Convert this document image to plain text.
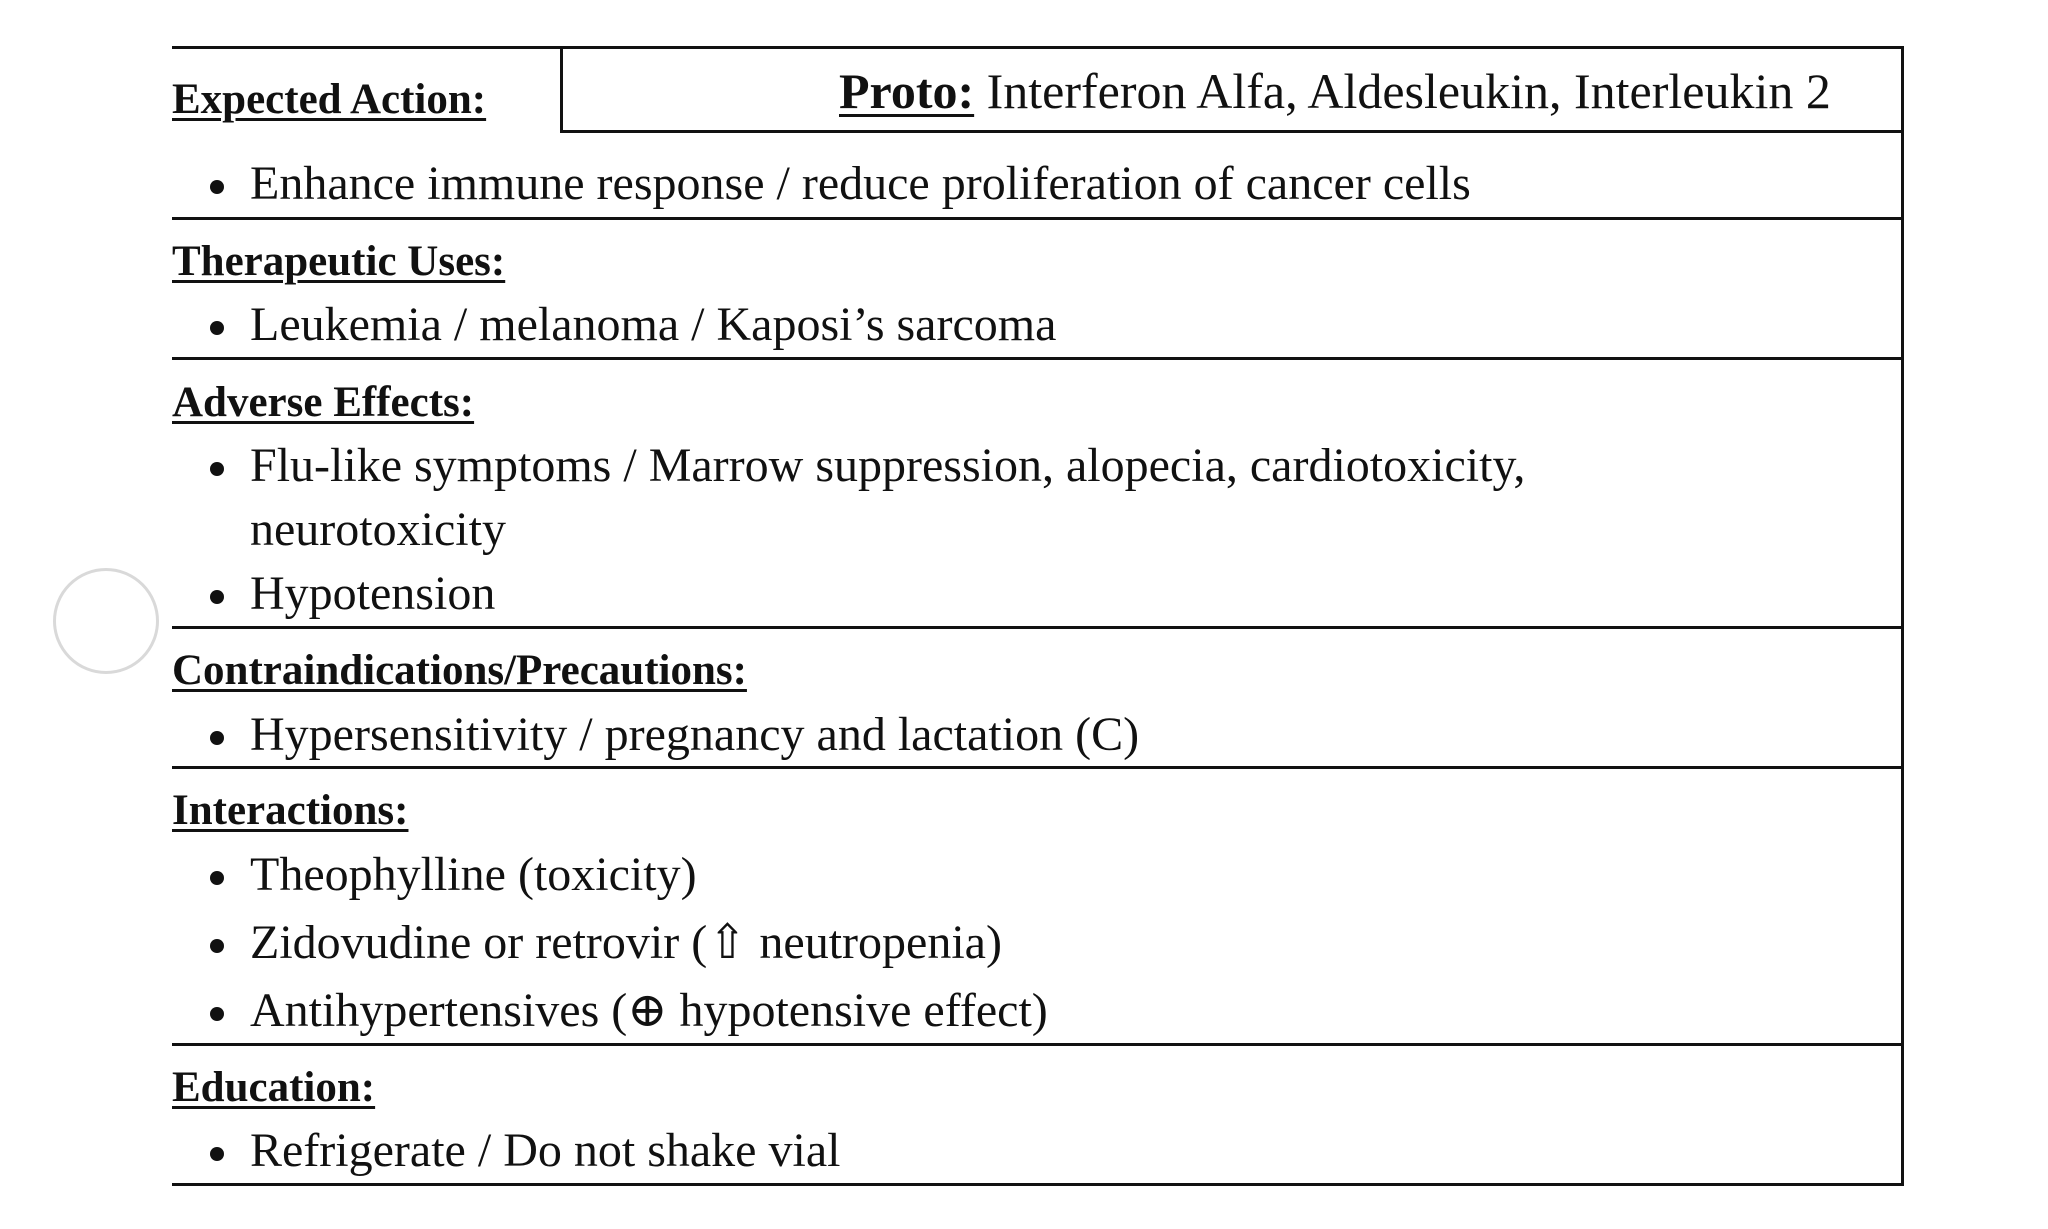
Expected Action:	Proto: Interferon Alfa, Aldesleukin, Interleukin 2
Enhance immune response / reduce proliferation of cancer cells
Therapeutic Uses:
Leukemia / melanoma / Kaposi’s sarcoma
Adverse Effects:
Flu-like symptoms / Marrow suppression, alopecia, cardiotoxicity,
neurotoxicity
Hypotension
Contraindications/Precautions:
Hypersensitivity / pregnancy and lactation (C)
Interactions:
Theophylline (toxicity)
Zidovudine or retrovir (⇧ neutropenia)
Antihypertensives (⊕ hypotensive effect)
Education:
Refrigerate / Do not shake vial
